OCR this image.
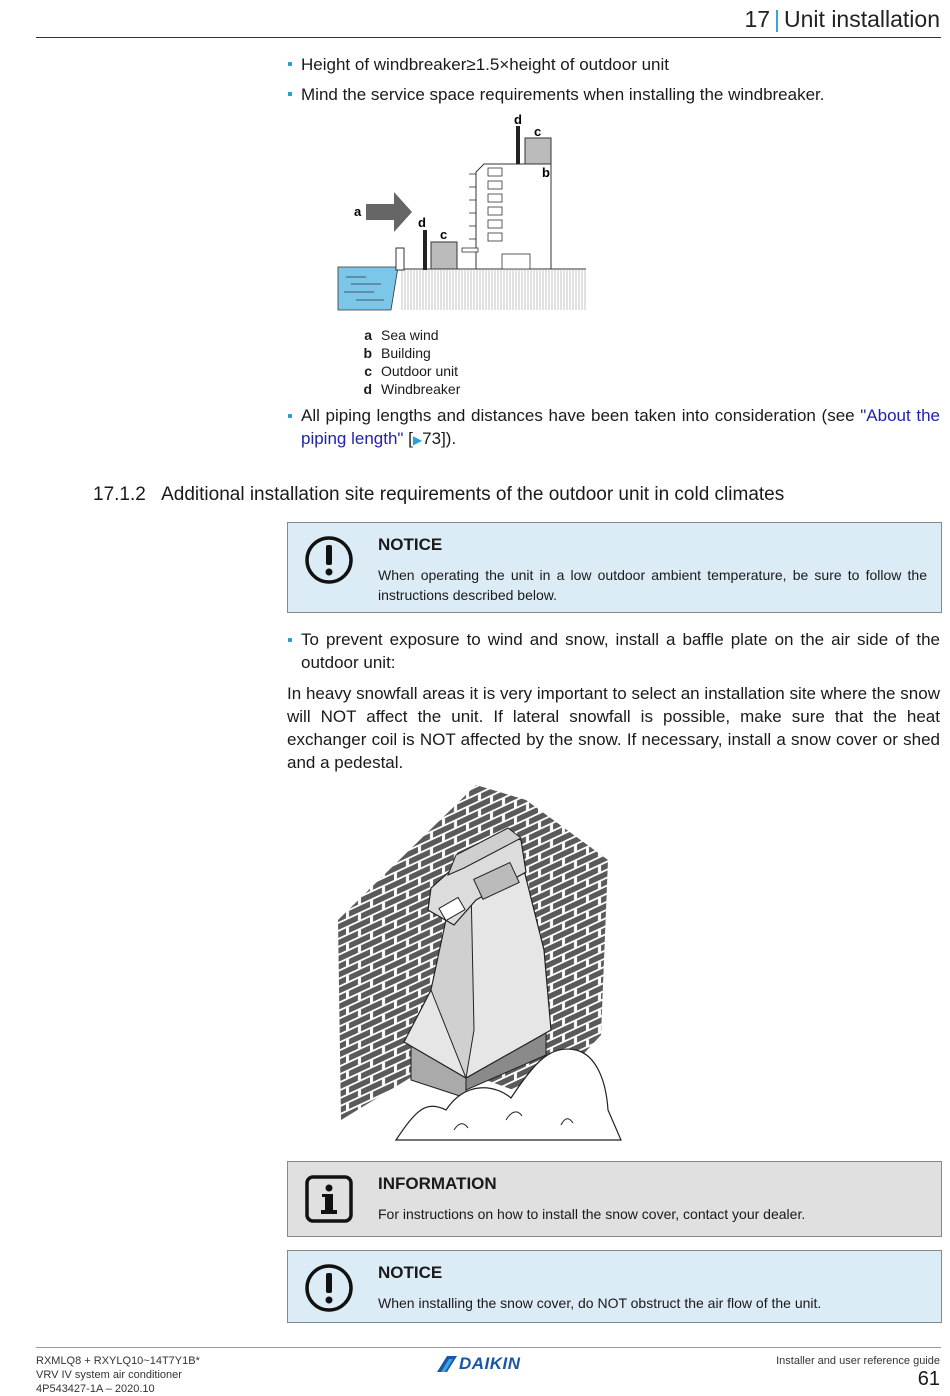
17 | Unit installation
Height of windbreaker≥1.5×height of outdoor unit
Mind the service space requirements when installing the windbreaker.
a
d
c
d
c
b
a Sea wind
b Building
c Outdoor unit
d Windbreaker
All piping lengths and distances have been taken into consideration (see "About the piping length" [▶73]).
17.1.2 Additional installation site requirements of the outdoor unit in cold climates
NOTICE
When operating the unit in a low outdoor ambient temperature, be sure to follow the instructions described below.
To prevent exposure to wind and snow, install a baffle plate on the air side of the outdoor unit:
In heavy snowfall areas it is very important to select an installation site where the snow will NOT affect the unit. If lateral snowfall is possible, make sure that the heat exchanger coil is NOT affected by the snow. If necessary, install a snow cover or shed and a pedestal.
INFORMATION
For instructions on how to install the snow cover, contact your dealer.
NOTICE
When installing the snow cover, do NOT obstruct the air flow of the unit.
RXMLQ8 + RXYLQ10~14T7Y1B*
VRV IV system air conditioner
4P543427-1A – 2020.10
DAIKIN	Installer and user reference guide
61
